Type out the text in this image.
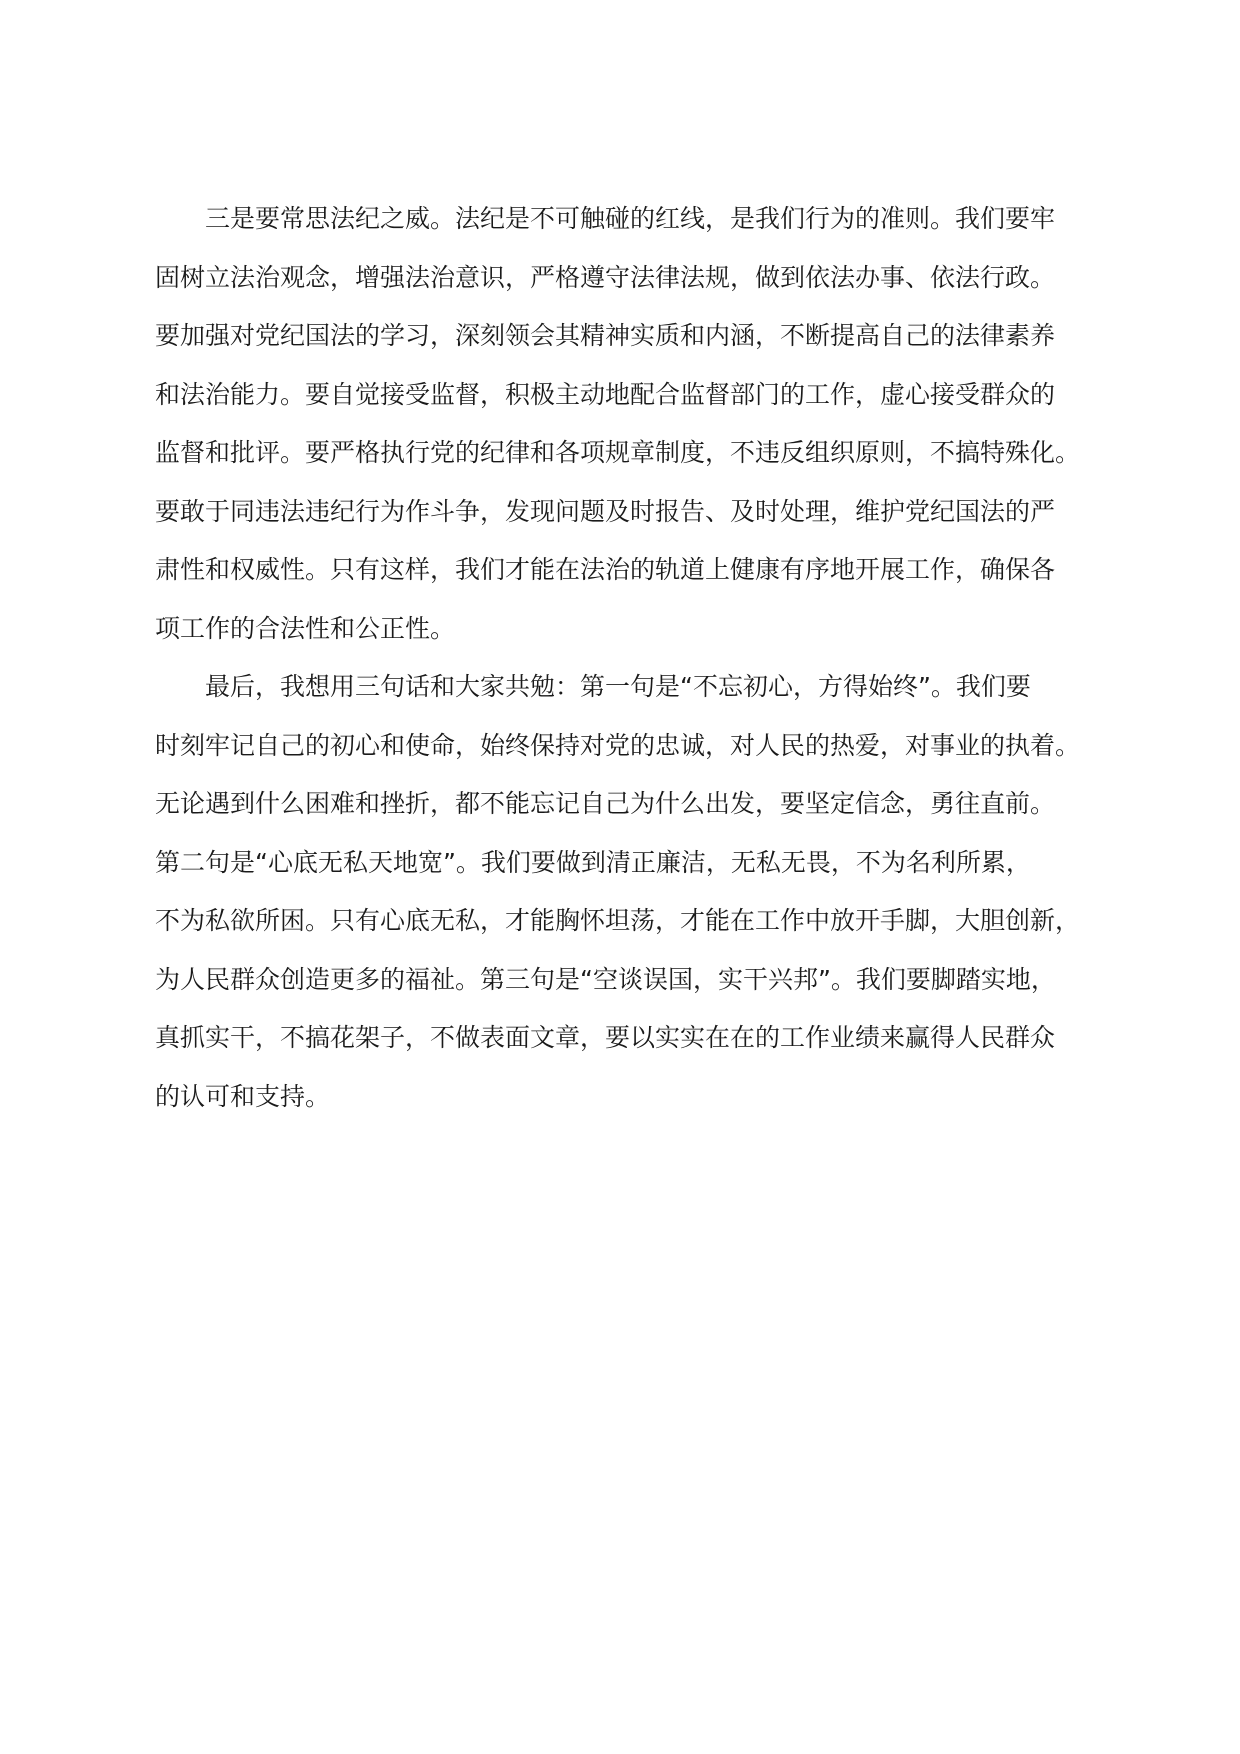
三是要常思法纪之威。法纪是不可触碰的红线，是我们行为的准则。我们要牢
固树立法治观念，增强法治意识，严格遵守法律法规，做到依法办事、依法行政。
要加强对党纪国法的学习，深刻领会其精神实质和内涵，不断提高自己的法律素养
和法治能力。要自觉接受监督，积极主动地配合监督部门的工作，虚心接受群众的
监督和批评。要严格执行党的纪律和各项规章制度，不违反组织原则，不搞特殊化。
要敢于同违法违纪行为作斗争，发现问题及时报告、及时处理，维护党纪国法的严
肃性和权威性。只有这样，我们才能在法治的轨道上健康有序地开展工作，确保各
项工作的合法性和公正性。
最后，我想用三句话和大家共勉：第一句是“不忘初心，方得始终”。我们要
时刻牢记自己的初心和使命，始终保持对党的忠诚，对人民的热爱，对事业的执着。
无论遇到什么困难和挫折，都不能忘记自己为什么出发，要坚定信念，勇往直前。
第二句是“心底无私天地宽”。我们要做到清正廉洁，无私无畏，不为名利所累，
不为私欲所困。只有心底无私，才能胸怀坦荡，才能在工作中放开手脚，大胆创新，
为人民群众创造更多的福祉。第三句是“空谈误国，实干兴邦”。我们要脚踏实地，
真抓实干，不搞花架子，不做表面文章，要以实实在在的工作业绩来赢得人民群众
的认可和支持。
